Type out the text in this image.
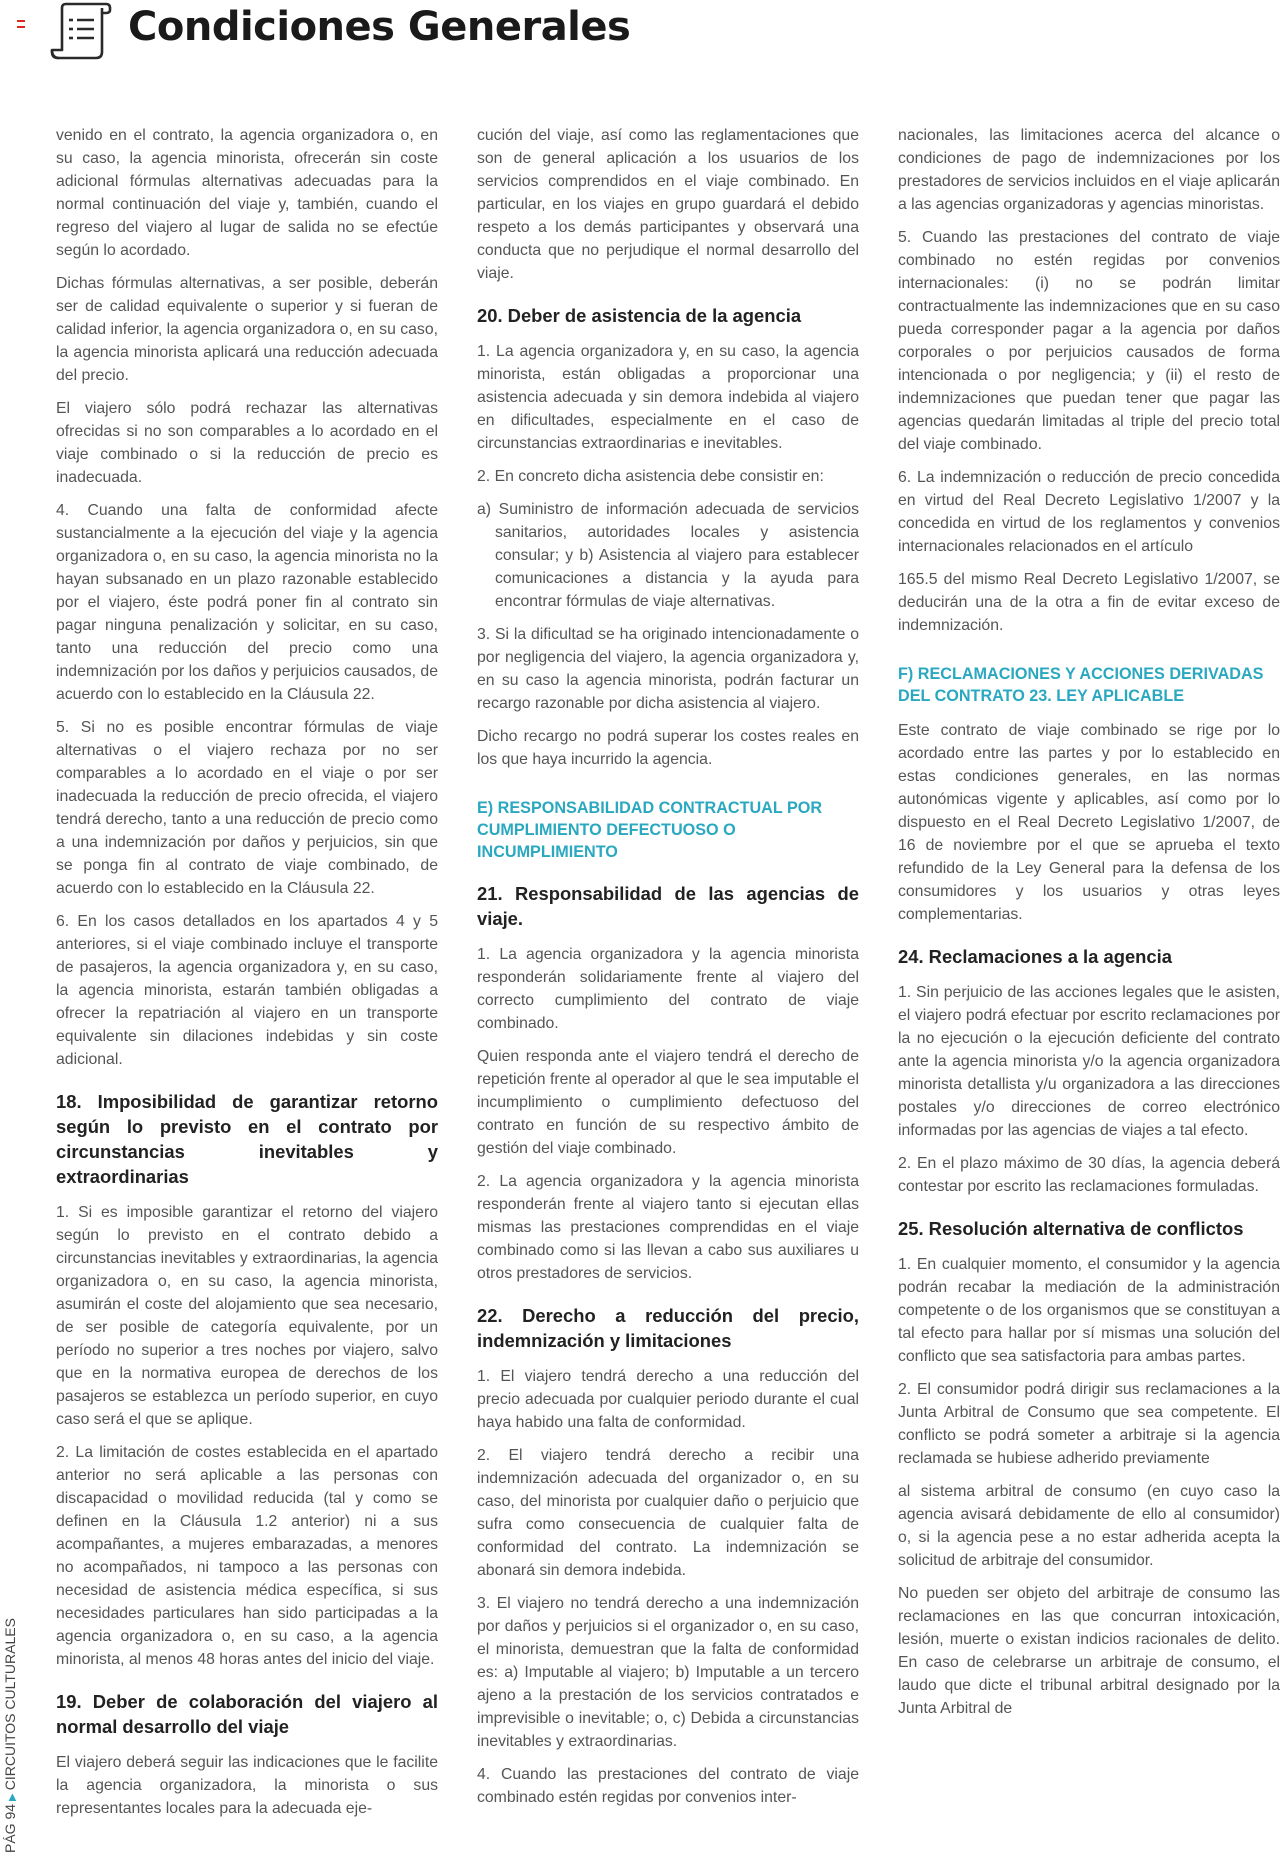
Condiciones Generales
PÁG 94▶CIRCUITOS CULTURALES

venido en el contrato, la agencia organizadora o, en su caso, la agencia minorista, ofrecerán sin coste adicional fórmulas alternativas adecuadas para la normal continuación del viaje y, también, cuando el regreso del viajero al lugar de salida no se efectúe según lo acordado.

Dichas fórmulas alternativas, a ser posible, deberán ser de calidad equivalente o superior y si fueran de calidad inferior, la agencia organizadora o, en su caso, la agencia minorista aplicará una reducción adecuada del precio.

El viajero sólo podrá rechazar las alternativas ofrecidas si no son comparables a lo acordado en el viaje combinado o si la reducción de precio es inadecuada.

4. Cuando una falta de conformidad afecte sustancialmente a la ejecución del viaje y la agencia organizadora o, en su caso, la agencia minorista no la hayan subsanado en un plazo razonable establecido por el viajero, éste podrá poner fin al contrato sin pagar ninguna penalización y solicitar, en su caso, tanto una reducción del precio como una indemnización por los daños y perjuicios causados, de acuerdo con lo establecido en la Cláusula 22.

5. Si no es posible encontrar fórmulas de viaje alternativas o el viajero rechaza por no ser comparables a lo acordado en el viaje o por ser inadecuada la reducción de precio ofrecida, el viajero tendrá derecho, tanto a una reducción de precio como a una indemnización por daños y perjuicios, sin que se ponga fin al contrato de viaje combinado, de acuerdo con lo establecido en la Cláusula 22.

6. En los casos detallados en los apartados 4 y 5 anteriores, si el viaje combinado incluye el transporte de pasajeros, la agencia organizadora y, en su caso, la agencia minorista, estarán también obligadas a ofrecer la repatriación al viajero en un transporte equivalente sin dilaciones indebidas y sin coste adicional.

18. Imposibilidad de garantizar retorno según lo previsto en el contrato por circunstancias inevitables y extraordinarias

1. Si es imposible garantizar el retorno del viajero según lo previsto en el contrato debido a circunstancias inevitables y extraordinarias, la agencia organizadora o, en su caso, la agencia minorista, asumirán el coste del alojamiento que sea necesario, de ser posible de categoría equivalente, por un período no superior a tres noches por viajero, salvo que en la normativa europea de derechos de los pasajeros se establezca un período superior, en cuyo caso será el que se aplique.

2. La limitación de costes establecida en el apartado anterior no será aplicable a las personas con discapacidad o movilidad reducida (tal y como se definen en la Cláusula 1.2 anterior) ni a sus acompañantes, a mujeres embarazadas, a menores no acompañados, ni tampoco a las personas con necesidad de asistencia médica específica, si sus necesidades particulares han sido participadas a la agencia organizadora o, en su caso, a la agencia minorista, al menos 48 horas antes del inicio del viaje.

19. Deber de colaboración del viajero al normal desarrollo del viaje

El viajero deberá seguir las indicaciones que le facilite la agencia organizadora, la minorista o sus representantes locales para la adecuada eje-

cución del viaje, así como las reglamentaciones que son de general aplicación a los usuarios de los servicios comprendidos en el viaje combinado. En particular, en los viajes en grupo guardará el debido respeto a los demás participantes y observará una conducta que no perjudique el normal desarrollo del viaje.

20. Deber de asistencia de la agencia

1. La agencia organizadora y, en su caso, la agencia minorista, están obligadas a proporcionar una asistencia adecuada y sin demora indebida al viajero en dificultades, especialmente en el caso de circunstancias extraordinarias e inevitables.

2. En concreto dicha asistencia debe consistir en:

a) Suministro de información adecuada de servicios sanitarios, autoridades locales y asistencia consular; y b) Asistencia al viajero para establecer comunicaciones a distancia y la ayuda para encontrar fórmulas de viaje alternativas.

3. Si la dificultad se ha originado intencionadamente o por negligencia del viajero, la agencia organizadora y, en su caso la agencia minorista, podrán facturar un recargo razonable por dicha asistencia al viajero.

Dicho recargo no podrá superar los costes reales en los que haya incurrido la agencia.

E) RESPONSABILIDAD CONTRACTUAL POR CUMPLIMIENTO DEFECTUOSO O INCUMPLIMIENTO
21. Responsabilidad de las agencias de viaje.

1. La agencia organizadora y la agencia minorista responderán solidariamente frente al viajero del correcto cumplimiento del contrato de viaje combinado.

Quien responda ante el viajero tendrá el derecho de repetición frente al operador al que le sea imputable el incumplimiento o cumplimiento defectuoso del contrato en función de su respectivo ámbito de gestión del viaje combinado.

2. La agencia organizadora y la agencia minorista responderán frente al viajero tanto si ejecutan ellas mismas las prestaciones comprendidas en el viaje combinado como si las llevan a cabo sus auxiliares u otros prestadores de servicios.

22. Derecho a reducción del precio, indemnización y limitaciones

1. El viajero tendrá derecho a una reducción del precio adecuada por cualquier periodo durante el cual haya habido una falta de conformidad.

2. El viajero tendrá derecho a recibir una indemnización adecuada del organizador o, en su caso, del minorista por cualquier daño o perjuicio que sufra como consecuencia de cualquier falta de conformidad del contrato. La indemnización se abonará sin demora indebida.

3. El viajero no tendrá derecho a una indemnización por daños y perjuicios si el organizador o, en su caso, el minorista, demuestran que la falta de conformidad es: a) Imputable al viajero; b) Imputable a un tercero ajeno a la prestación de los servicios contratados e imprevisible o inevitable; o, c) Debida a circunstancias inevitables y extraordinarias.

4. Cuando las prestaciones del contrato de viaje combinado estén regidas por convenios inter-

nacionales, las limitaciones acerca del alcance o condiciones de pago de indemnizaciones por los prestadores de servicios incluidos en el viaje aplicarán a las agencias organizadoras y agencias minoristas.

5. Cuando las prestaciones del contrato de viaje combinado no estén regidas por convenios internacionales: (i) no se podrán limitar contractualmente las indemnizaciones que en su caso pueda corresponder pagar a la agencia por daños corporales o por perjuicios causados de forma intencionada o por negligencia; y (ii) el resto de indemnizaciones que puedan tener que pagar las agencias quedarán limitadas al triple del precio total del viaje combinado.

6. La indemnización o reducción de precio concedida en virtud del Real Decreto Legislativo 1/2007 y la concedida en virtud de los reglamentos y convenios internacionales relacionados en el artículo

165.5 del mismo Real Decreto Legislativo 1/2007, se deducirán una de la otra a fin de evitar exceso de indemnización.

F) RECLAMACIONES Y ACCIONES DERIVADAS DEL CONTRATO 23. LEY APLICABLE

Este contrato de viaje combinado se rige por lo acordado entre las partes y por lo establecido en estas condiciones generales, en las normas autonómicas vigente y aplicables, así como por lo dispuesto en el Real Decreto Legislativo 1/2007, de 16 de noviembre por el que se aprueba el texto refundido de la Ley General para la defensa de los consumidores y los usuarios y otras leyes complementarias.

24. Reclamaciones a la agencia

1. Sin perjuicio de las acciones legales que le asisten, el viajero podrá efectuar por escrito reclamaciones por la no ejecución o la ejecución deficiente del contrato ante la agencia minorista y/o la agencia organizadora minorista detallista y/u organizadora a las direcciones postales y/o direcciones de correo electrónico informadas por las agencias de viajes a tal efecto.

2. En el plazo máximo de 30 días, la agencia deberá contestar por escrito las reclamaciones formuladas.

25. Resolución alternativa de conflictos

1. En cualquier momento, el consumidor y la agencia podrán recabar la mediación de la administración competente o de los organismos que se constituyan a tal efecto para hallar por sí mismas una solución del conflicto que sea satisfactoria para ambas partes.

2. El consumidor podrá dirigir sus reclamaciones a la Junta Arbitral de Consumo que sea competente. El conflicto se podrá someter a arbitraje si la agencia reclamada se hubiese adherido previamente

al sistema arbitral de consumo (en cuyo caso la agencia avisará debidamente de ello al consumidor) o, si la agencia pese a no estar adherida acepta la solicitud de arbitraje del consumidor.

No pueden ser objeto del arbitraje de consumo las reclamaciones en las que concurran intoxicación, lesión, muerte o existan indicios racionales de delito. En caso de celebrarse un arbitraje de consumo, el laudo que dicte el tribunal arbitral designado por la Junta Arbitral de
